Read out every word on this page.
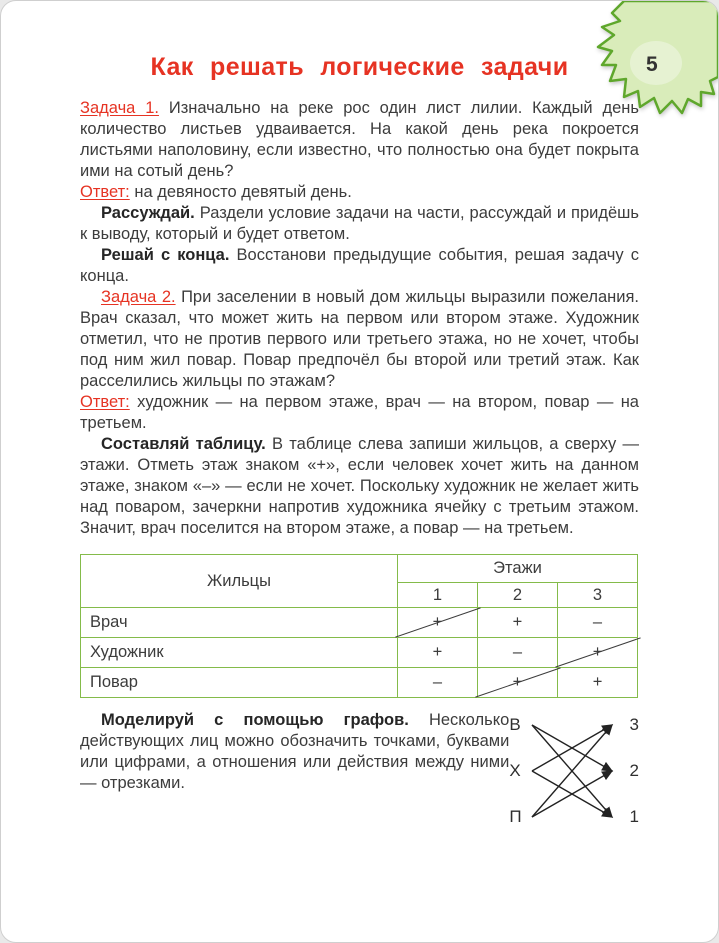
5
Как решать логические задачи

Задача 1. Изначально на реке рос один лист лилии. Каждый день количество листьев удваивается. На какой день река покроется листьями наполовину, если известно, что полностью она будет покрыта ими на сотый день?

Ответ: на девяносто девятый день.

Рассуждай. Раздели условие задачи на части, рассуждай и придёшь к выводу, который и будет ответом.

Решай с конца. Восстанови предыдущие события, решая задачу с конца.

Задача 2. При заселении в новый дом жильцы выразили пожелания. Врач сказал, что может жить на первом или втором этаже. Художник отметил, что не против первого или третьего этажа, но не хочет, чтобы под ним жил повар. Повар предпочёл бы второй или третий этаж. Как расселились жильцы по этажам?

Ответ: художник — на первом этаже, врач — на втором, повар — на третьем.

Составляй таблицу. В таблице слева запиши жильцов, а сверху — этажи. Отметь этаж знаком «+», если человек хочет жить на данном этаже, знаком «–» — если не хочет. Поскольку художник не желает жить над поваром, зачеркни напротив художника ячейку с третьим этажом. Значит, врач поселится на втором этаже, а повар — на третьем.

Жильцы	Этажи		
	1	2	3
Врач	+	+	–
Художник	+	–	+
Повар	–	+	+

Моделируй с помощью графов. Несколько действующих лиц можно обозначить точками, буквами или цифрами, а отношения или действия между ними — отрезками.

В
Х
П
3
2
1
